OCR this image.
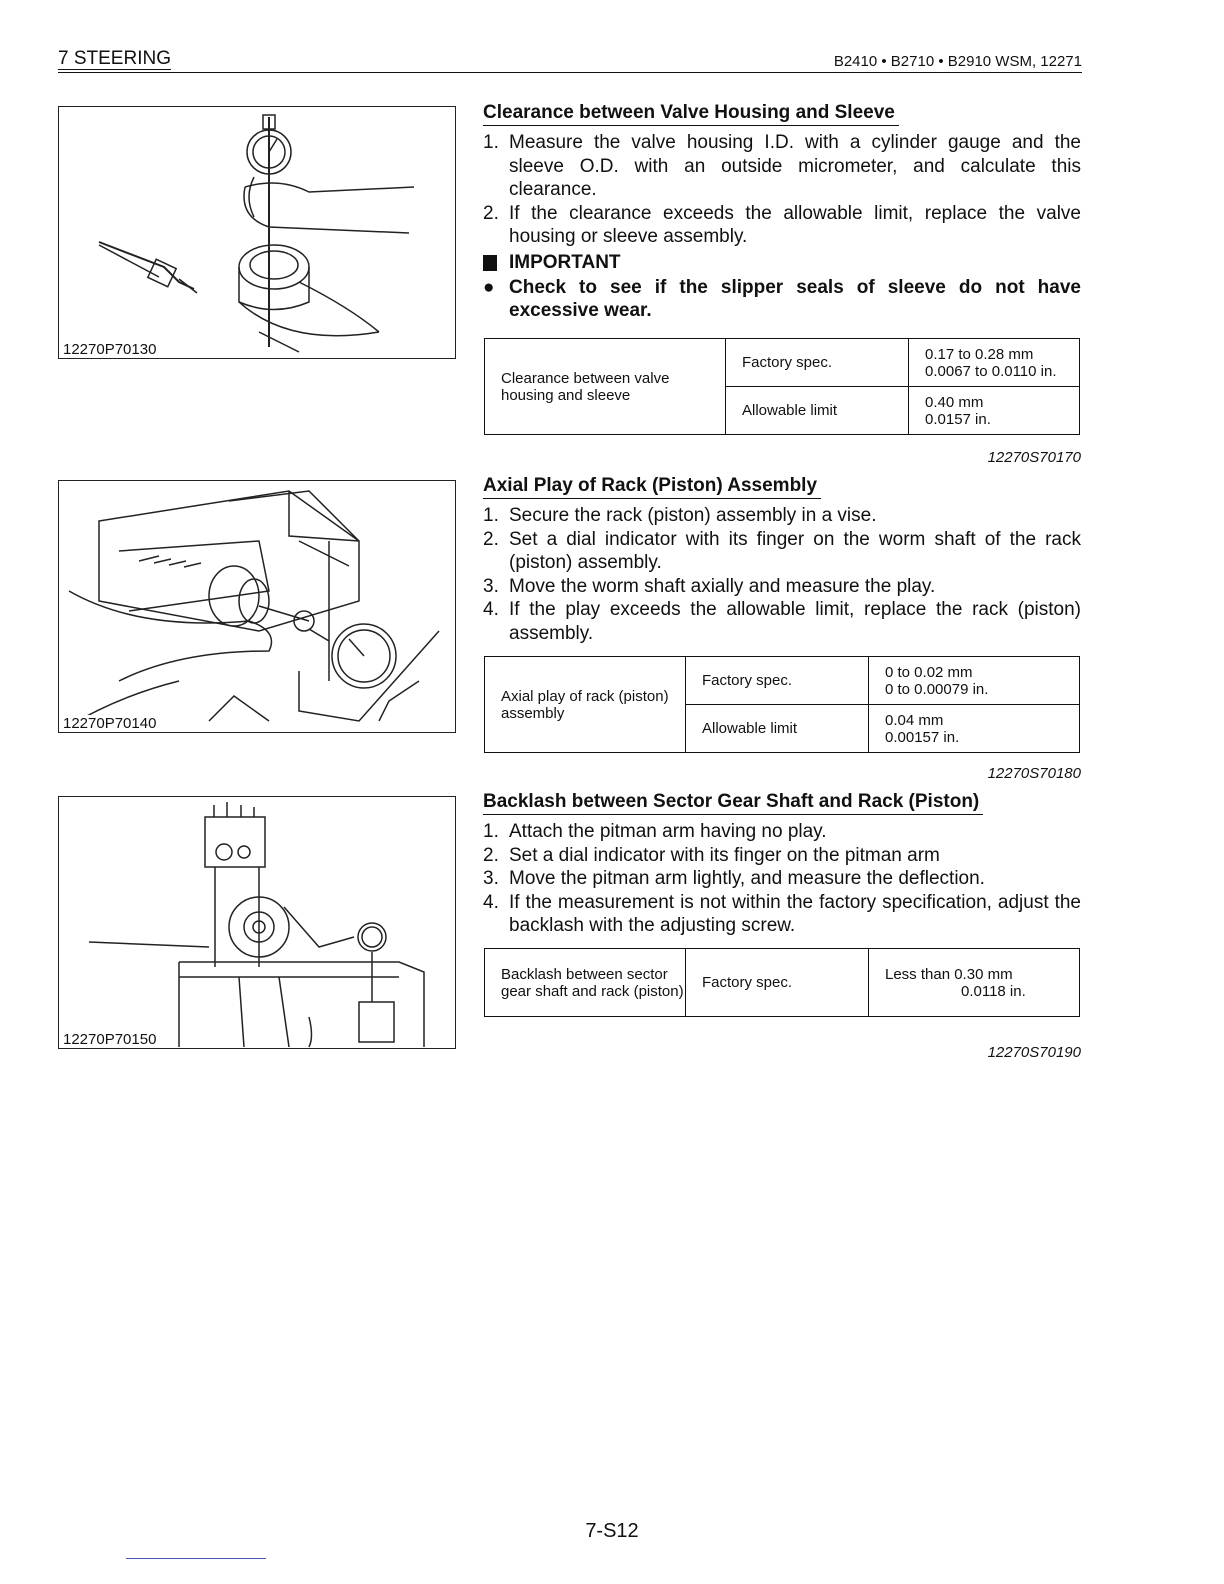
7 STEERING	B2410 • B2710 • B2910 WSM, 12271
12270P70130
12270P70140
12270P70150
Clearance between Valve Housing and Sleeve
1. Measure the valve housing I.D. with a cylinder gauge and the sleeve O.D. with an outside micrometer, and calculate this clearance.
2. If the clearance exceeds the allowable limit, replace the valve housing or sleeve assembly.
IMPORTANT
● Check to see if the slipper seals of sleeve do not have excessive wear.
Clearance between valve housing and sleeve	Factory spec.	0.17 to 0.28 mm
0.0067 to 0.0110 in.

	Allowable limit	0.40 mm
0.0157 in.
12270S70170
Axial Play of Rack (Piston) Assembly
1. Secure the rack (piston) assembly in a vise.
2. Set a dial indicator with its finger on the worm shaft of the rack (piston) assembly.
3. Move the worm shaft axially and measure the play.
4. If the play exceeds the allowable limit, replace the rack (piston) assembly.
Axial play of rack (piston) assembly	Factory spec.	0 to 0.02 mm
0 to 0.00079 in.

	Allowable limit	0.04 mm
0.00157 in.
12270S70180
Backlash between Sector Gear Shaft and Rack (Piston)
1. Attach the pitman arm having no play.
2. Set a dial indicator with its finger on the pitman arm
3. Move the pitman arm lightly, and measure the deflection.
4. If the measurement is not within the factory specification, adjust the backlash with the adjusting screw.
Backlash between sector gear shaft and rack (piston)	Factory spec.	Less than 0.30 mm
0.0118 in.
12270S70190
7-S12
